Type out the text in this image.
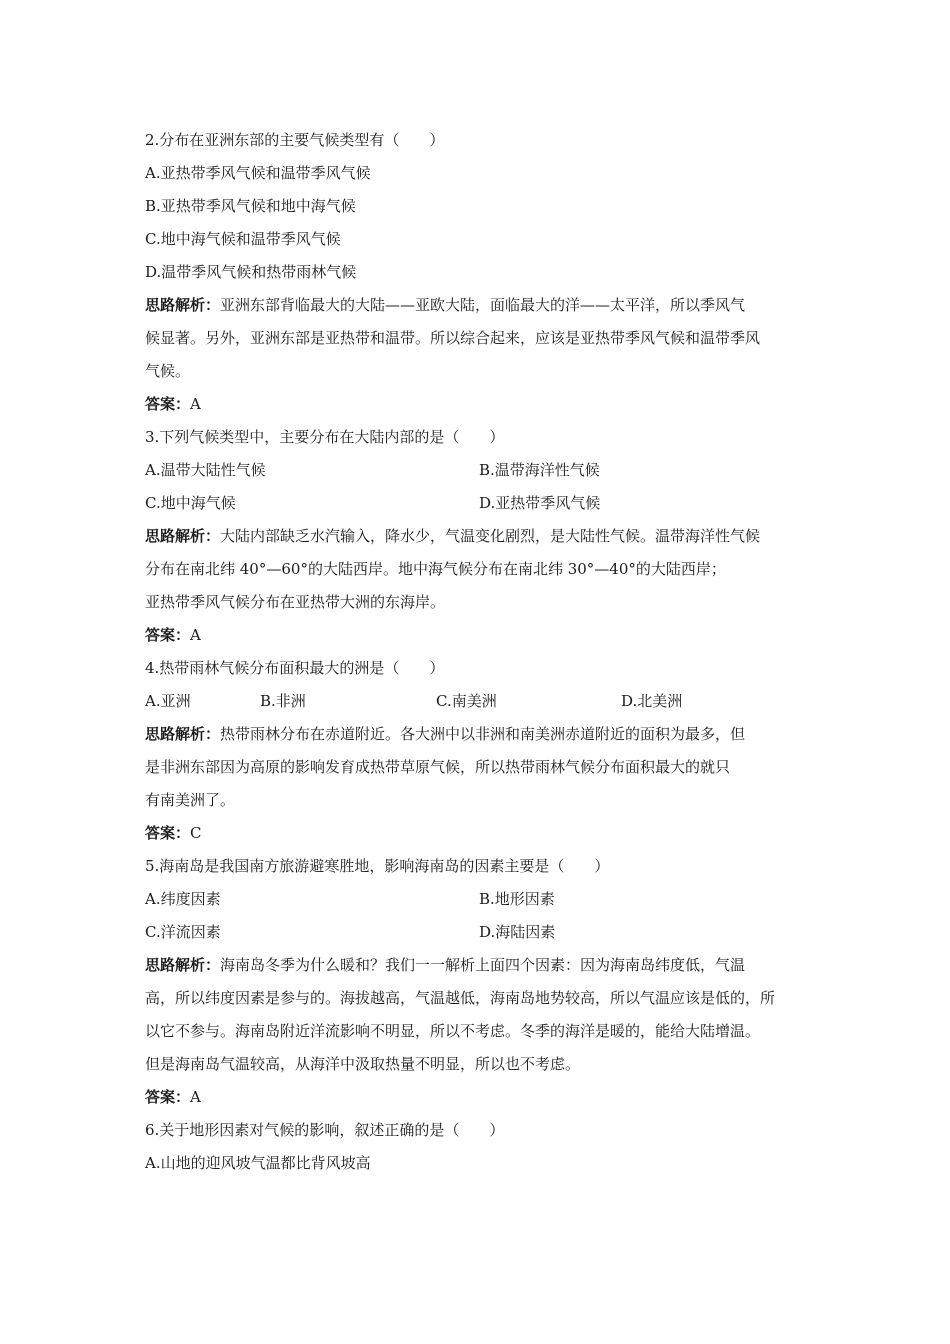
2.分布在亚洲东部的主要气候类型有（　　）
A.亚热带季风气候和温带季风气候
B.亚热带季风气候和地中海气候
C.地中海气候和温带季风气候
D.温带季风气候和热带雨林气候
思路解析：亚洲东部背临最大的大陆——亚欧大陆，面临最大的洋——太平洋，所以季风气
候显著。另外，亚洲东部是亚热带和温带。所以综合起来，应该是亚热带季风气候和温带季风
气候。
答案：A
3.下列气候类型中，主要分布在大陆内部的是（　　）
A.温带大陆性气候	B.温带海洋性气候
C.地中海气候	D.亚热带季风气候
思路解析：大陆内部缺乏水汽输入，降水少，气温变化剧烈，是大陆性气候。温带海洋性气候
分布在南北纬 40°—60°的大陆西岸。地中海气候分布在南北纬 30°—40°的大陆西岸；
亚热带季风气候分布在亚热带大洲的东海岸。
答案：A
4.热带雨林气候分布面积最大的洲是（　　）
A.亚洲	B.非洲	C.南美洲	D.北美洲
思路解析：热带雨林分布在赤道附近。各大洲中以非洲和南美洲赤道附近的面积为最多，但
是非洲东部因为高原的影响发育成热带草原气候，所以热带雨林气候分布面积最大的就只
有南美洲了。
答案：C
5.海南岛是我国南方旅游避寒胜地，影响海南岛的因素主要是（　　）
A.纬度因素	B.地形因素
C.洋流因素	D.海陆因素
思路解析：海南岛冬季为什么暖和？我们一一解析上面四个因素：因为海南岛纬度低，气温
高，所以纬度因素是参与的。海拔越高，气温越低，海南岛地势较高，所以气温应该是低的，所
以它不参与。海南岛附近洋流影响不明显，所以不考虑。冬季的海洋是暖的，能给大陆增温。
但是海南岛气温较高，从海洋中汲取热量不明显，所以也不考虑。
答案：A
6.关于地形因素对气候的影响，叙述正确的是（　　）
A.山地的迎风坡气温都比背风坡高
